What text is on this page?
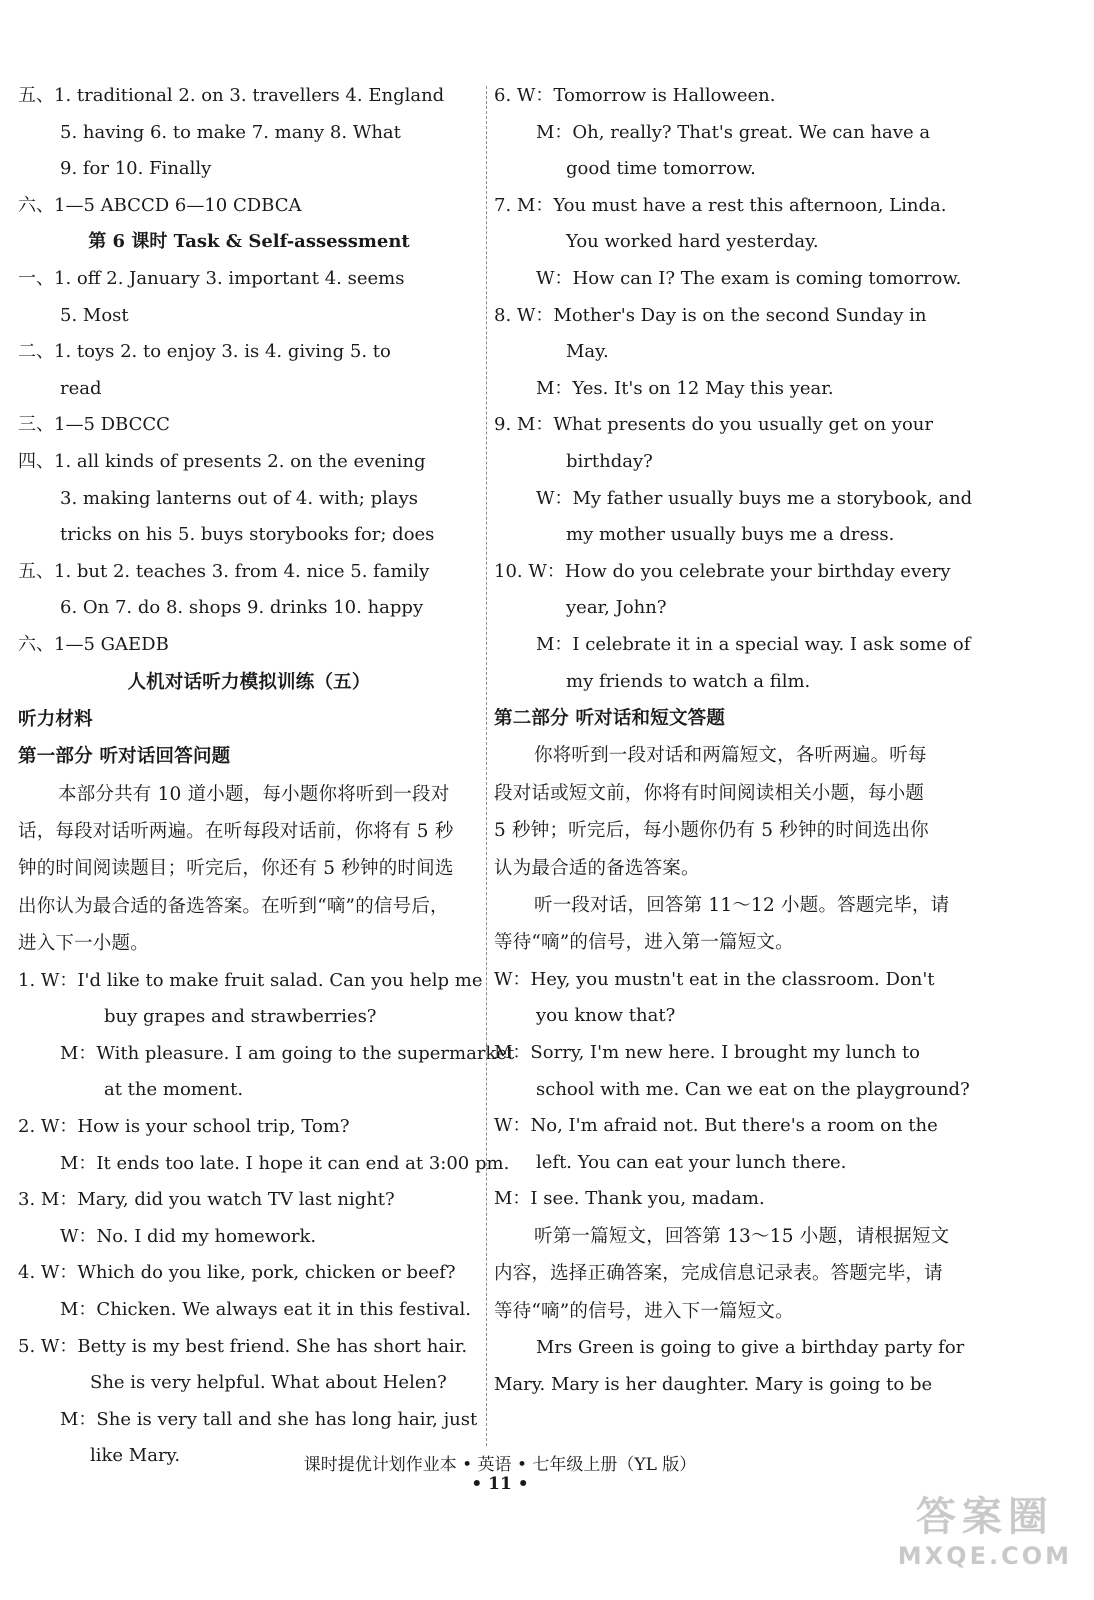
五、1. traditional 2. on 3. travellers 4. England
5. having 6. to make 7. many 8. What
9. for 10. Finally
六、1—5 ABCCD 6—10 CDBCA
第 6 课时 Task & Self-assessment
一、1. off 2. January 3. important 4. seems
5. Most
二、1. toys 2. to enjoy 3. is 4. giving 5. to
read
三、1—5 DBCCC
四、1. all kinds of presents 2. on the evening
3. making lanterns out of 4. with; plays
tricks on his 5. buys storybooks for; does
五、1. but 2. teaches 3. from 4. nice 5. family
6. On 7. do 8. shops 9. drinks 10. happy
六、1—5 GAEDB
人机对话听力模拟训练（五）
听力材料
第一部分 听对话回答问题
本部分共有 10 道小题，每小题你将听到一段对
话，每段对话听两遍。在听每段对话前，你将有 5 秒
钟的时间阅读题目；听完后，你还有 5 秒钟的时间选
出你认为最合适的备选答案。在听到“嘀”的信号后，
进入下一小题。
1. W：I'd like to make fruit salad. Can you help me
buy grapes and strawberries?
M：With pleasure. I am going to the supermarket
at the moment.
2. W：How is your school trip, Tom?
M：It ends too late. I hope it can end at 3:00 pm.
3. M：Mary, did you watch TV last night?
W：No. I did my homework.
4. W：Which do you like, pork, chicken or beef?
M：Chicken. We always eat it in this festival.
5. W：Betty is my best friend. She has short hair.
She is very helpful. What about Helen?
M：She is very tall and she has long hair, just
like Mary.
6. W：Tomorrow is Halloween.
M：Oh, really? That's great. We can have a
good time tomorrow.
7. M：You must have a rest this afternoon, Linda.
You worked hard yesterday.
W：How can I? The exam is coming tomorrow.
8. W：Mother's Day is on the second Sunday in
May.
M：Yes. It's on 12 May this year.
9. M：What presents do you usually get on your
birthday?
W：My father usually buys me a storybook, and
my mother usually buys me a dress.
10. W：How do you celebrate your birthday every
year, John?
M：I celebrate it in a special way. I ask some of
my friends to watch a film.
第二部分 听对话和短文答题
你将听到一段对话和两篇短文，各听两遍。听每
段对话或短文前，你将有时间阅读相关小题，每小题
5 秒钟；听完后，每小题你仍有 5 秒钟的时间选出你
认为最合适的备选答案。
听一段对话，回答第 11～12 小题。答题完毕，请
等待“嘀”的信号，进入第一篇短文。
W：Hey, you mustn't eat in the classroom. Don't
you know that?
M：Sorry, I'm new here. I brought my lunch to
school with me. Can we eat on the playground?
W：No, I'm afraid not. But there's a room on the
left. You can eat your lunch there.
M：I see. Thank you, madam.
听第一篇短文，回答第 13～15 小题，请根据短文
内容，选择正确答案，完成信息记录表。答题完毕，请
等待“嘀”的信号，进入下一篇短文。
Mrs Green is going to give a birthday party for
Mary. Mary is her daughter. Mary is going to be
课时提优计划作业本 • 英语 • 七年级上册（YL 版）
• 11 •
答案圈
MXQE.COM
